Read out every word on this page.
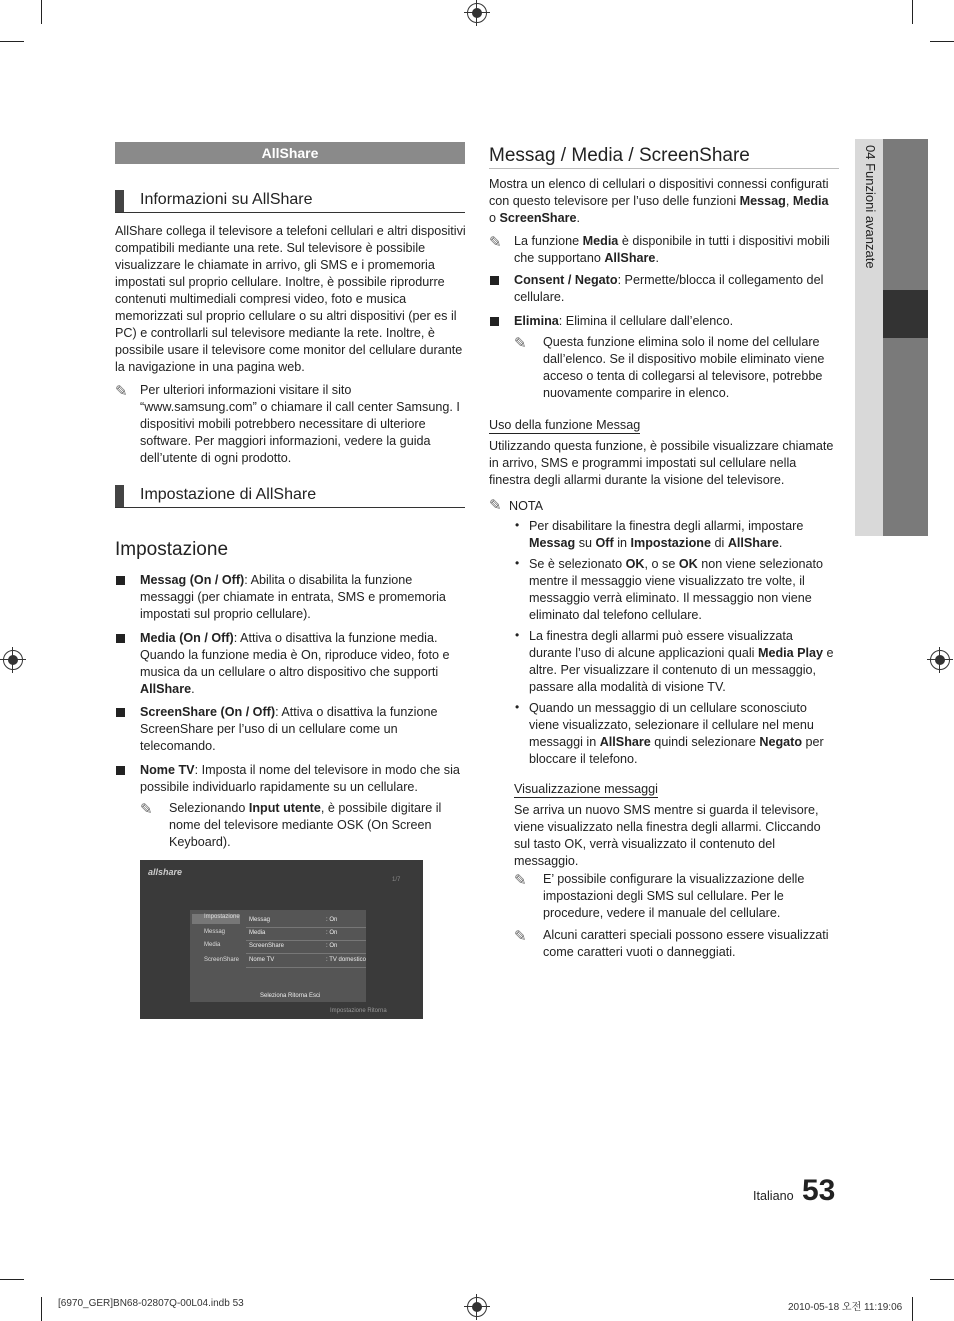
AllShare
Informazioni su AllShare

AllShare collega il televisore a telefoni cellulari e altri dispositivi compatibili mediante una rete. Sul televisore è possibile visualizzare le chiamate in arrivo, gli SMS e i promemoria impostati sul proprio cellulare. Inoltre, è possibile riprodurre contenuti multimediali compresi video, foto e musica memorizzati sul proprio cellulare o su altri dispositivi (per es il PC) e controllarli sul televisore mediante la rete. Inoltre, è possibile usare il televisore come monitor del cellulare durante la navigazione in una pagina web.

✎ Per ulteriori informazioni visitare il sito “www.samsung.com” o chiamare il call center Samsung. I dispositivi mobili potrebbero necessitare di ulteriore software. Per maggiori informazioni, vedere la guida dell’utente di ogni prodotto.

Impostazione di AllShare
Impostazione

Messag (On / Off): Abilita o disabilita la funzione messaggi (per chiamate in entrata, SMS e promemoria impostati sul proprio cellulare).

Media (On / Off): Attiva o disattiva la funzione media. Quando la funzione media è On, riproduce video, foto e musica da un cellulare o altro dispositivo che supporti AllShare.

ScreenShare (On / Off): Attiva o disattiva la funzione ScreenShare per l’uso di un cellulare come un telecomando.

Nome TV: Imposta il nome del televisore in modo che sia possibile individuarlo rapidamente su un cellulare.

✎	Selezionando Input utente, è possibile digitare il nome del televisore mediante OSK (On Screen Keyboard).

allshare
1/7
Impostazione
Messag
Media
ScreenShare
Messag	: On
Media	: On
ScreenShare	: On
Nome TV	: TV domestico
Seleziona Ritorna Esci
Impostazione Ritorna
Messag / Media / ScreenShare

Mostra un elenco di cellulari o dispositivi connessi configurati con questo televisore per l’uso delle funzioni Messag, Media o ScreenShare.

✎ La funzione Media è disponibile in tutti i dispositivi mobili che supportano AllShare.

Consent / Negato: Permette/blocca il collegamento del cellulare.

Elimina: Elimina il cellulare dall’elenco.

✎	Questa funzione elimina solo il nome del cellulare dall’elenco. Se il dispositivo mobile eliminato viene acceso o tenta di collegarsi al televisore, potrebbe nuovamente comparire in elenco.

Uso della funzione Messag

Utilizzando questa funzione, è possibile visualizzare chiamate in arrivo, SMS e programmi impostati sul cellulare nella finestra degli allarmi durante la visione del televisore.

✎ NOTA
• Per disabilitare la finestra degli allarmi, impostare Messag su Off in Impostazione di AllShare.

• Se è selezionato OK, o se OK non viene selezionato mentre il messaggio viene visualizzato tre volte, il messaggio verrà eliminato. Il messaggio non viene eliminato dal telefono cellulare.

• La finestra degli allarmi può essere visualizzata durante l’uso di alcune applicazioni quali Media Play e altre. Per visualizzare il contenuto di un messaggio, passare alla modalità di visione TV.

• Quando un messaggio di un cellulare sconosciuto viene visualizzato, selezionare il cellulare nel menu messaggi in AllShare quindi selezionare Negato per bloccare il telefono.

Visualizzazione messaggi

Se arriva un nuovo SMS mentre si guarda il televisore, viene visualizzato nella finestra degli allarmi. Cliccando sul tasto OK, verrà visualizzato il contenuto del messaggio.

✎	E’ possibile configurare la visualizzazione delle impostazioni degli SMS sul cellulare. Per le procedure, vedere il manuale del cellulare.

✎	Alcuni caratteri speciali possono essere visualizzati come caratteri vuoti o danneggiati.

04 Funzioni avanzate
Italiano 53
[6970_GER]BN68-02807Q-00L04.indb 53	2010-05-18 오전 11:19:06
